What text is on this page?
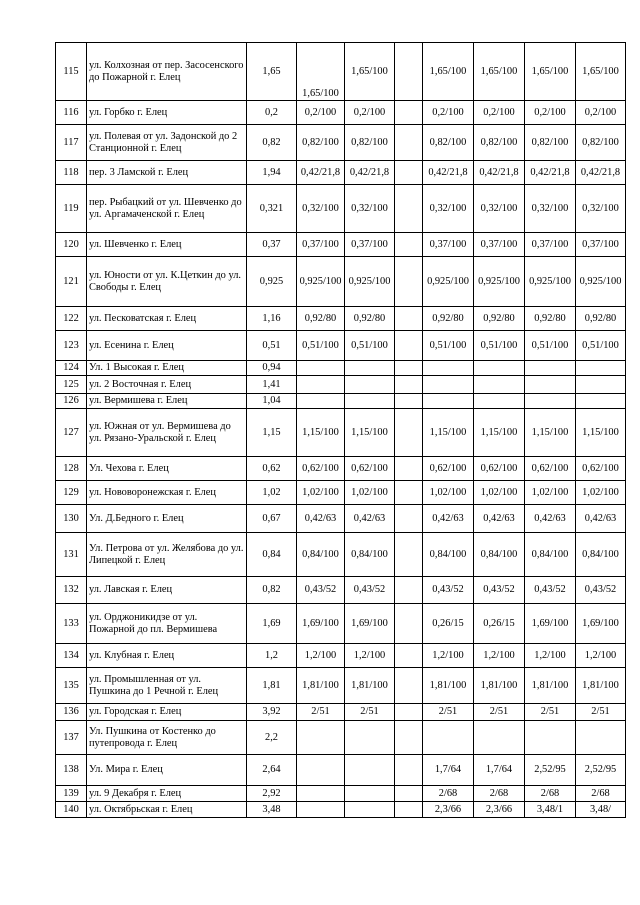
115	ул. Колхозная от пер. Засосенского до Пожарной г. Елец	1,65	1,65/100	1,65/100		1,65/100	1,65/100	1,65/100	1,65/100
116	ул. Горбко г. Елец	0,2	0,2/100	0,2/100		0,2/100	0,2/100	0,2/100	0,2/100
117	ул. Полевая от ул. Задонской до 2 Станционной г. Елец	0,82	0,82/100	0,82/100		0,82/100	0,82/100	0,82/100	0,82/100
118	пер. 3 Ламской г. Елец	1,94	0,42/21,8	0,42/21,8		0,42/21,8	0,42/21,8	0,42/21,8	0,42/21,8
119	пер. Рыбацкий от ул. Шевченко до ул. Аргамаченской г. Елец	0,321	0,32/100	0,32/100		0,32/100	0,32/100	0,32/100	0,32/100
120	ул. Шевченко г. Елец	0,37	0,37/100	0,37/100		0,37/100	0,37/100	0,37/100	0,37/100
121	ул. Юности от ул. К.Цеткин до ул. Свободы г. Елец	0,925	0,925/100	0,925/100		0,925/100	0,925/100	0,925/100	0,925/100
122	ул. Песковатская г. Елец	1,16	0,92/80	0,92/80		0,92/80	0,92/80	0,92/80	0,92/80
123	ул. Есенина г. Елец	0,51	0,51/100	0,51/100		0,51/100	0,51/100	0,51/100	0,51/100
124	Ул. 1 Высокая г. Елец	0,94							
125	ул. 2 Восточная г. Елец	1,41							
126	ул. Вермишева г. Елец	1,04							
127	ул. Южная от ул. Вермишева до ул. Рязано-Уральской г. Елец	1,15	1,15/100	1,15/100		1,15/100	1,15/100	1,15/100	1,15/100
128	Ул. Чехова г. Елец	0,62	0,62/100	0,62/100		0,62/100	0,62/100	0,62/100	0,62/100
129	ул. Нововоронежская г. Елец	1,02	1,02/100	1,02/100		1,02/100	1,02/100	1,02/100	1,02/100
130	Ул. Д.Бедного г. Елец	0,67	0,42/63	0,42/63		0,42/63	0,42/63	0,42/63	0,42/63
131	Ул. Петрова от ул. Желябова до ул. Липецкой г. Елец	0,84	0,84/100	0,84/100		0,84/100	0,84/100	0,84/100	0,84/100
132	ул. Лавская г. Елец	0,82	0,43/52	0,43/52		0,43/52	0,43/52	0,43/52	0,43/52
133	ул. Орджоникидзе от ул. Пожарной до пл. Вермишева	1,69	1,69/100	1,69/100		0,26/15	0,26/15	1,69/100	1,69/100
134	ул. Клубная г. Елец	1,2	1,2/100	1,2/100		1,2/100	1,2/100	1,2/100	1,2/100
135	ул. Промышленная от ул. Пушкина до 1 Речной г. Елец	1,81	1,81/100	1,81/100		1,81/100	1,81/100	1,81/100	1,81/100
136	ул. Городская г. Елец	3,92	2/51	2/51		2/51	2/51	2/51	2/51
137	Ул. Пушкина от Костенко до путепровода г. Елец	2,2							
138	Ул. Мира г. Елец	2,64				1,7/64	1,7/64	2,52/95	2,52/95
139	ул. 9 Декабря г. Елец	2,92				2/68	2/68	2/68	2/68
140	ул. Октябрьская г. Елец	3,48				2,3/66	2,3/66	3,48/1	3,48/
